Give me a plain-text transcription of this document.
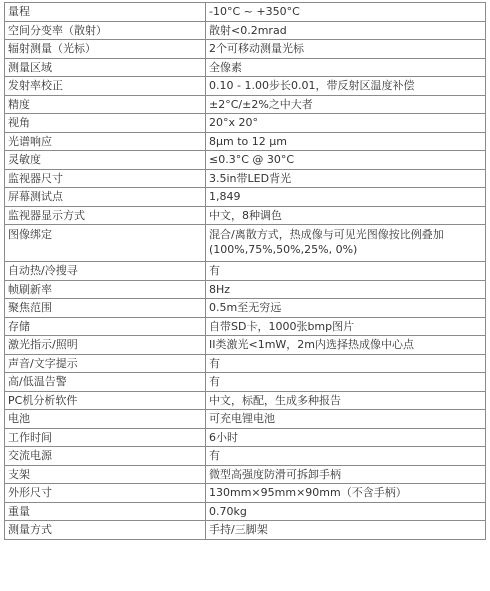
量程	-10°C ~ +350°C
空间分变率（散射）	散射<0.2mrad
辐射测量（光标）	2个可移动测量光标
测量区域	全像素
发射率校正	0.10 - 1.00步长0.01，带反射区温度补偿
精度	±2°C/±2%之中大者
视角	20°x 20°
光谱响应	8μm to 12 μm
灵敏度	≤0.3°C @ 30°C
监视器尺寸	3.5in带LED背光
屏幕测试点	1,849
监视器显示方式	中文，8种调色
图像绑定	混合/离散方式，热成像与可见光图像按比例叠加 (100%,75%,50%,25%, 0%)
自动热/冷搜寻	有
帧刷新率	8Hz
聚焦范围	0.5m至无穷远
存储	自带SD卡，1000张bmp图片
激光指示/照明	II类激光<1mW，2m内选择热成像中心点
声音/文字提示	有
高/低温告警	有
PC机分析软件	中文，标配，生成多种报告
电池	可充电锂电池
工作时间	6小时
交流电源	有
支架	微型高强度防滑可拆卸手柄
外形尺寸	130mm×95mm×90mm（不含手柄）
重量	0.70kg
测量方式	手持/三脚架
